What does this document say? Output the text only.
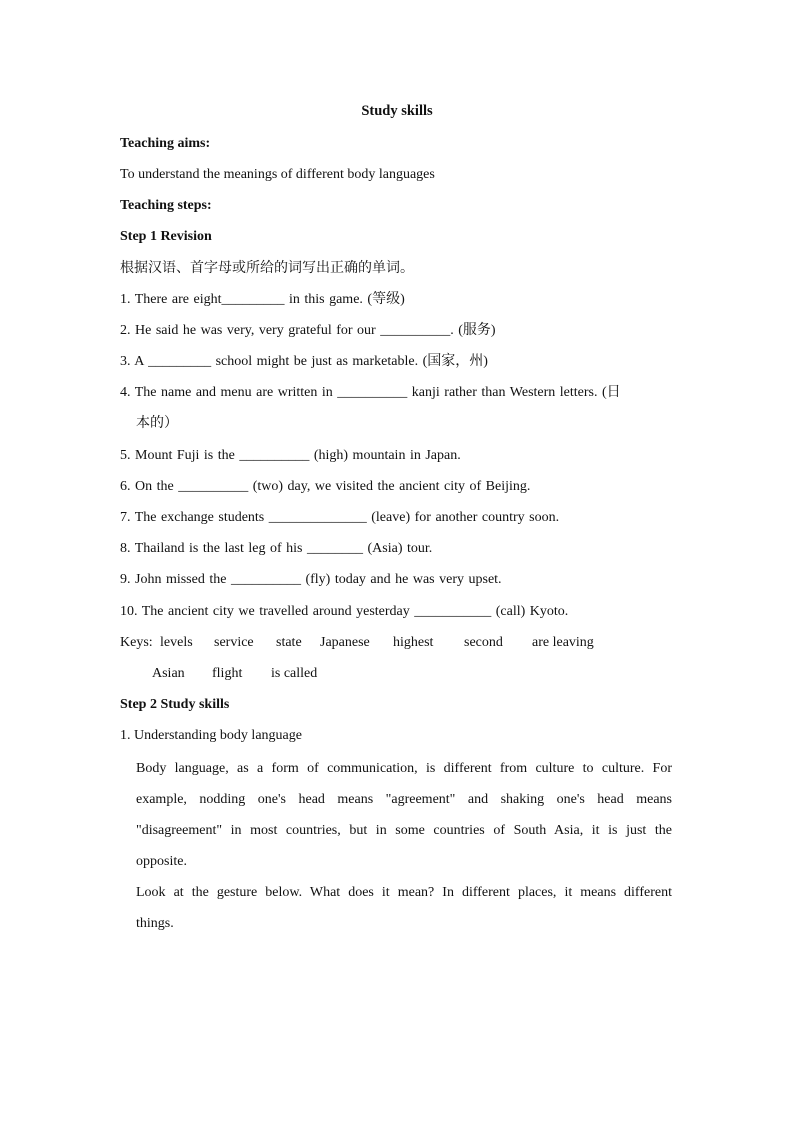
Study skills
Teaching aims:
To understand the meanings of different body languages
Teaching steps:
Step 1 Revision
根据汉语、首字母或所给的词写出正确的单词。
1. There are eight_________ in this game. (等级)
2. He said he was very, very grateful for our __________. (服务)
3. A _________ school might be just as marketable. (国家，州)
4. The name and menu are written in __________ kanji rather than Western letters. (日
本的）
5. Mount Fuji is the __________ (high) mountain in Japan.
6. On the __________ (two) day, we visited the ancient city of Beijing.
7. The exchange students ______________ (leave) for another country soon.
8. Thailand is the last leg of his ________ (Asia) tour.
9. John missed the __________ (fly) today and he was very upset.
10. The ancient city we travelled around yesterday ___________ (call) Kyoto.
Keys: levels service state Japanese highest second are leaving
Asian flight is called
Step 2 Study skills
1. Understanding body language
Body language, as a form of communication, is different from culture to culture. For example, nodding one's head means "agreement" and shaking one's head means "disagreement" in most countries, but in some countries of South Asia, it is just the opposite.
Look at the gesture below. What does it mean? In different places, it means different things.
